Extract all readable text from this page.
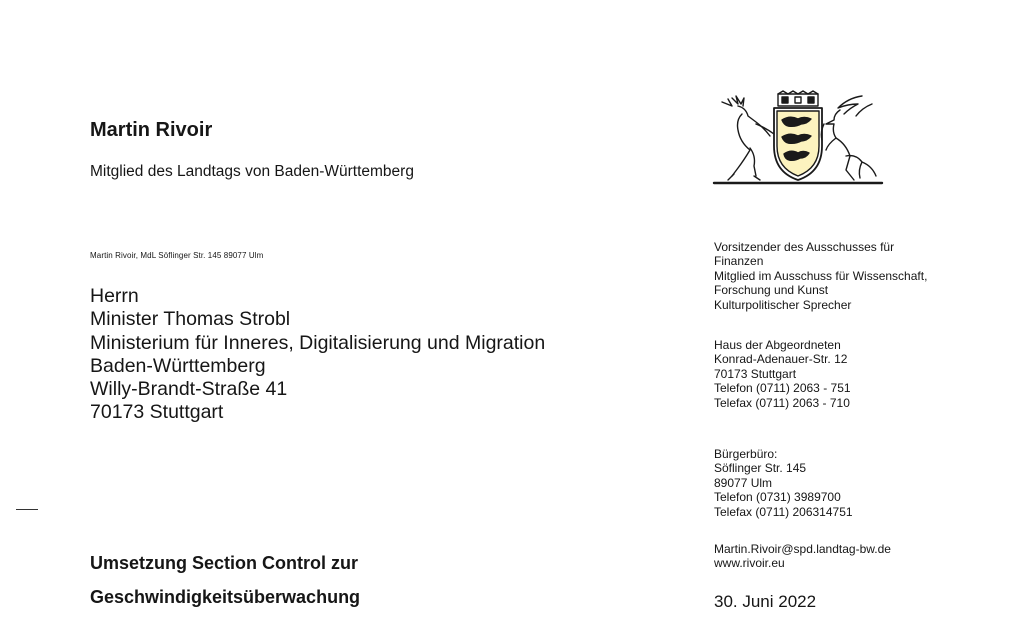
Martin Rivoir
Mitglied des Landtags von Baden-Württemberg
Martin Rivoir, MdL Söflinger Str. 145 89077 Ulm
Herrn
Minister Thomas Strobl
Ministerium für Inneres, Digitalisierung und Migration
Baden-Württemberg
Willy-Brandt-Straße 41
70173 Stuttgart
Umsetzung Section Control zur
Geschwindigkeitsüberwachung
Vorsitzender des Ausschusses für
Finanzen
Mitglied im Ausschuss für Wissenschaft,
Forschung und Kunst
Kulturpolitischer Sprecher
Haus der Abgeordneten
Konrad-Adenauer-Str. 12
70173 Stuttgart
Telefon (0711) 2063 - 751
Telefax (0711) 2063 - 710
Bürgerbüro:
Söflinger Str. 145
89077 Ulm
Telefon (0731) 3989700
Telefax (0711) 206314751
Martin.Rivoir@spd.landtag-bw.de
www.rivoir.eu
30. Juni 2022
